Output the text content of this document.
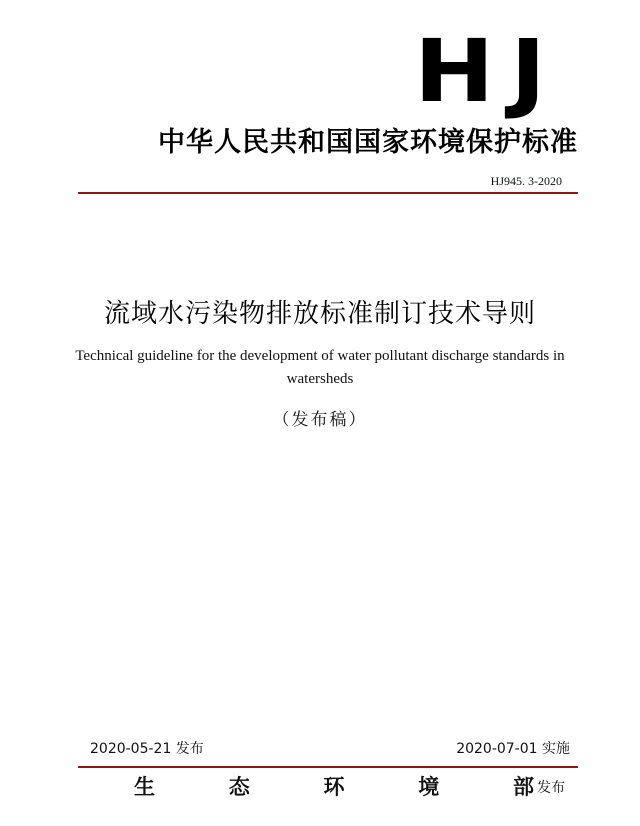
HJ
中华人民共和国国家环境保护标准
HJ945. 3-2020
流域水污染物排放标准制订技术导则
Technical guideline for the development of water pollutant discharge standards in watersheds
（发布稿）
2020-05-21 发布	2020-07-01 实施
生	态	环	境	部 发布
